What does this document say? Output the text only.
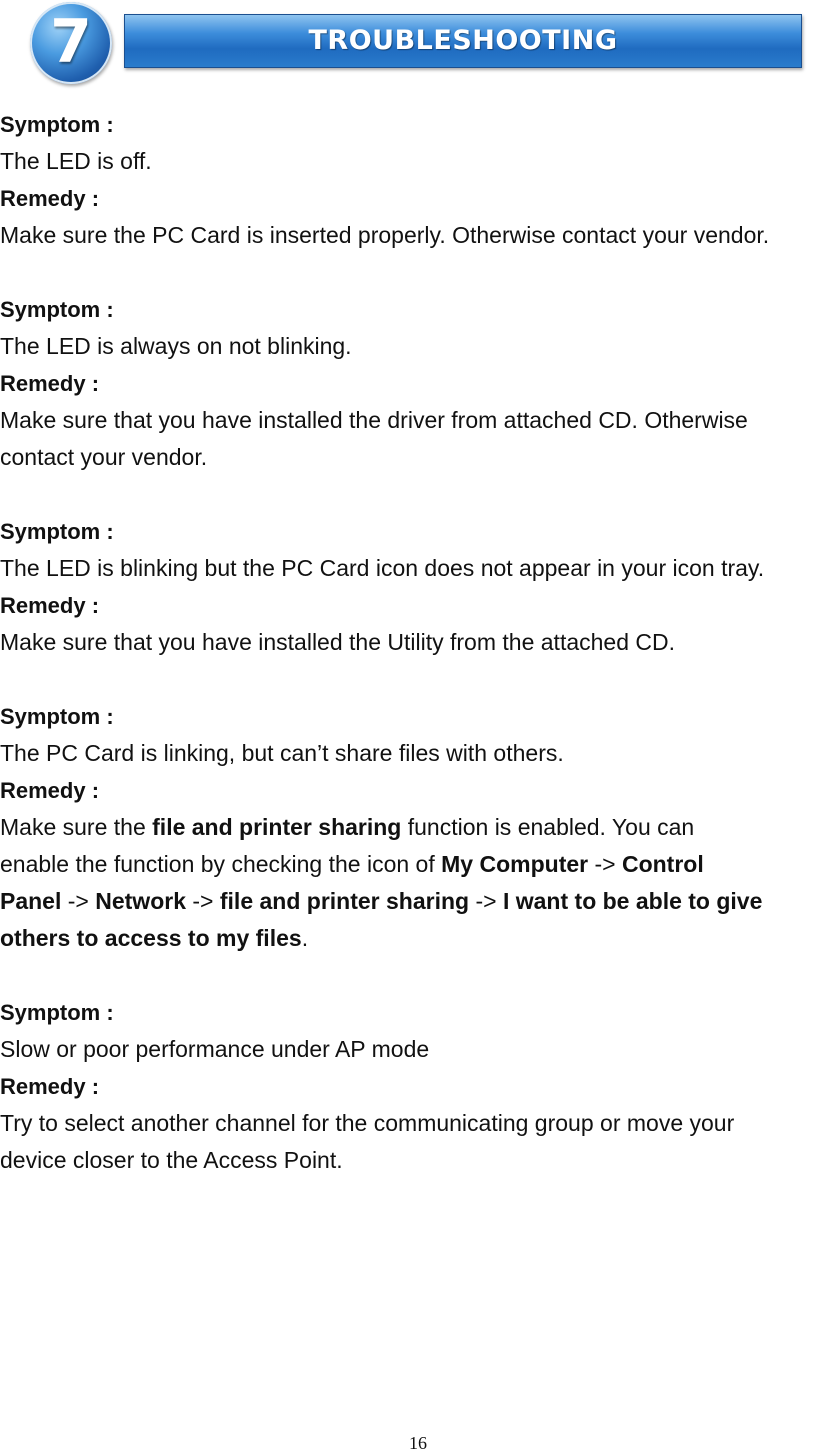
7	TROUBLESHOOTING

Symptom :

The LED is off.

Remedy :

Make sure the PC Card is inserted properly. Otherwise contact your vendor.

Symptom :

The LED is always on not blinking.

Remedy :

Make sure that you have installed the driver from attached CD. Otherwise

contact your vendor.

Symptom :

The LED is blinking but the PC Card icon does not appear in your icon tray.

Remedy :

Make sure that you have installed the Utility from the attached CD.

Symptom :

The PC Card is linking, but can’t share files with others.

Remedy :

Make sure the file and printer sharing function is enabled. You can
enable the function by checking the icon of My Computer -> Control
Panel -> Network -> file and printer sharing -> I want to be able to give
others to access to my files.

Symptom :

Slow or poor performance under AP mode

Remedy :

Try to select another channel for the communicating group or move your

device closer to the Access Point.

16
